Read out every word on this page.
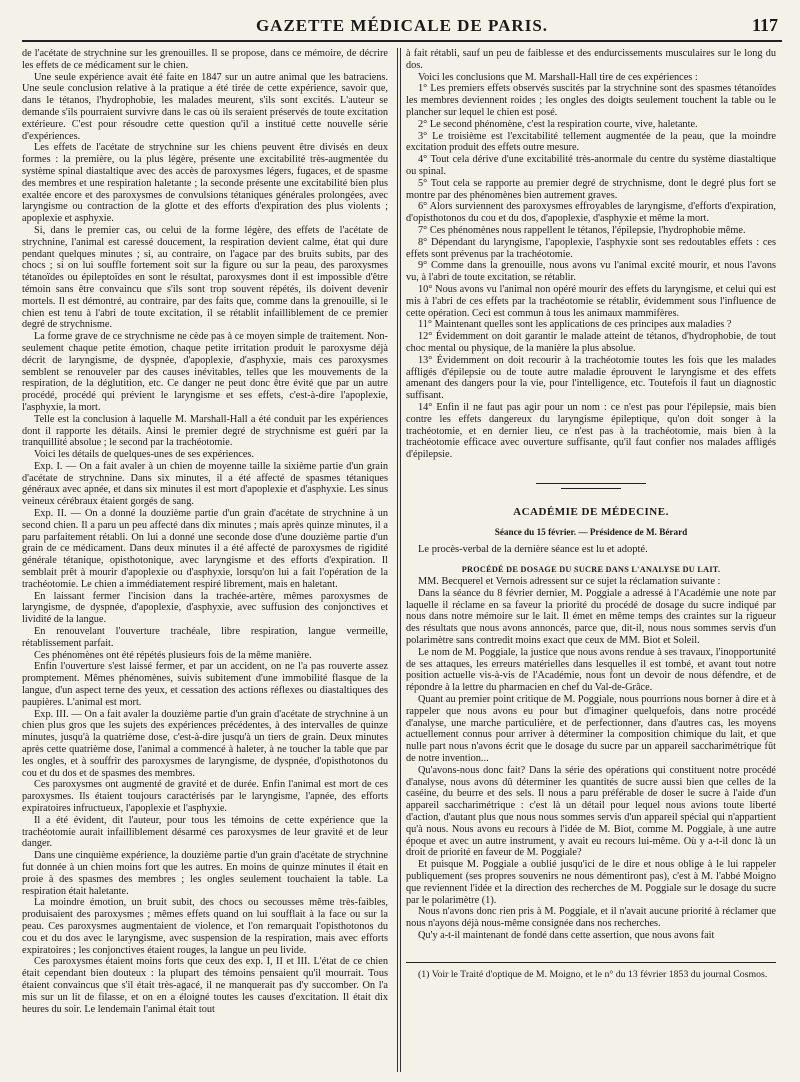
GAZETTE MÉDICALE DE PARIS.	117

de l'acétate de strychnine sur les grenouilles. Il se propose, dans ce mémoire, de décrire les effets de ce médicament sur le chien.

Une seule expérience avait été faite en 1847 sur un autre animal que les batraciens. Une seule conclusion relative à la pratique a été tirée de cette expérience, savoir que, dans le tétanos, l'hydrophobie, les malades meurent, s'ils sont excités. L'auteur se demande s'ils pourraient survivre dans le cas où ils seraient préservés de toute excitation extérieure. C'est pour résoudre cette question qu'il a institué cette nouvelle série d'expériences.

Les effets de l'acétate de strychnine sur les chiens peuvent être divisés en deux formes : la première, ou la plus légère, présente une excitabilité très-augmentée du système spinal diastaltique avec des accès de paroxysmes légers, fugaces, et de spasme des membres et une respiration haletante ; la seconde présente une excitabilité bien plus exaltée encore et des paroxysmes de convulsions tétaniques générales prolongées, avec laryngisme ou contraction de la glotte et des efforts d'expiration des plus violents ; apoplexie et asphyxie.

Si, dans le premier cas, ou celui de la forme légère, des effets de l'acétate de strychnine, l'animal est caressé doucement, la respiration devient calme, état qui dure pendant quelques minutes ; si, au contraire, on l'agace par des bruits subits, par des chocs ; si on lui souffle fortement soit sur la figure ou sur la peau, des paroxysmes tétanoïdes ou épileptoïdes en sont le résultat, paroxysmes dont il est impossible d'être témoin sans être convaincu que s'ils sont trop souvent répétés, ils doivent devenir mortels. Il est démontré, au contraire, par des faits que, comme dans la grenouille, si le chien est tenu à l'abri de toute excitation, il se rétablit infailliblement de ce premier degré de strychnisme.

La forme grave de ce strychnisme ne cède pas à ce moyen simple de traitement. Non-seulement chaque petite émotion, chaque petite irritation produit le paroxysme déjà décrit de laryngisme, de dyspnée, d'apoplexie, d'asphyxie, mais ces paroxysmes semblent se renouveler par des causes inévitables, telles que les mouvements de la respiration, de la déglutition, etc. Ce danger ne peut donc être évité que par un autre procédé, procédé qui prévient le laryngisme et ses effets, c'est-à-dire l'apoplexie, l'asphyxie, la mort.

Telle est la conclusion à laquelle M. Marshall-Hall a été conduit par les expériences dont il rapporte les détails. Ainsi le premier degré de strychnisme est guéri par la tranquillité absolue ; le second par la trachéotomie.

Voici les détails de quelques-unes de ses expériences.

Exp. I. — On a fait avaler à un chien de moyenne taille la sixième partie d'un grain d'acétate de strychnine. Dans six minutes, il a été affecté de spasmes tétaniques généraux avec apnée, et dans six minutes il est mort d'apoplexie et d'asphyxie. Les sinus veineux cérébraux étaient gorgés de sang.

Exp. II. — On a donné la douzième partie d'un grain d'acétate de strychnine à un second chien. Il a paru un peu affecté dans dix minutes ; mais après quinze minutes, il a paru parfaitement rétabli. On lui a donné une seconde dose d'une douzième partie d'un grain de ce médicament. Dans deux minutes il a été affecté de paroxysmes de rigidité générale tétanique, opisthotonique, avec laryngisme et des efforts d'expiration. Il semblait prêt à mourir d'apoplexie ou d'asphyxie, lorsqu'on lui a fait l'opération de la trachéotomie. Le chien a immédiatement respiré librement, mais en haletant.

En laissant fermer l'incision dans la trachée-artère, mêmes paroxysmes de laryngisme, de dyspnée, d'apoplexie, d'asphyxie, avec suffusion des conjonctives et lividité de la langue.

En renouvelant l'ouverture trachéale, libre respiration, langue vermeille, rétablissement parfait.

Ces phénomènes ont été répétés plusieurs fois de la même manière.

Enfin l'ouverture s'est laissé fermer, et par un accident, on ne l'a pas rouverte assez promptement. Mêmes phénomènes, suivis subitement d'une immobilité flasque de la langue, d'un aspect terne des yeux, et cessation des actions réflexes ou diastaltiques des paupières. L'animal est mort.

Exp. III. — On a fait avaler la douzième partie d'un grain d'acétate de strychnine à un chien plus gros que les sujets des expériences précédentes, à des intervalles de quinze minutes, jusqu'à la quatrième dose, c'est-à-dire jusqu'à un tiers de grain. Deux minutes après cette quatrième dose, l'animal a commencé à haleter, à ne toucher la table que par les ongles, et à souffrir des paroxysmes de laryngisme, de dyspnée, d'opisthotonos du cou et du dos et de spasmes des membres.

Ces paroxysmes ont augmenté de gravité et de durée. Enfin l'animal est mort de ces paroxysmes. Ils étaient toujours caractérisés par le laryngisme, l'apnée, des efforts expiratoires infructueux, l'apoplexie et l'asphyxie.

Il a été évident, dit l'auteur, pour tous les témoins de cette expérience que la trachéotomie aurait infailliblement désarmé ces paroxysmes de leur gravité et de leur danger.

Dans une cinquième expérience, la douzième partie d'un grain d'acétate de strychnine fut donnée à un chien moins fort que les autres. En moins de quinze minutes il était en proie à des spasmes des membres ; les ongles seulement touchaient la table. La respiration était haletante.

La moindre émotion, un bruit subit, des chocs ou secousses même très-faibles, produisaient des paroxysmes ; mêmes effets quand on lui soufflait à la face ou sur la peau. Ces paroxysmes augmentaient de violence, et l'on remarquait l'opisthotonos du cou et du dos avec le laryngisme, avec suspension de la respiration, mais avec efforts expiratoires ; les conjonctives étaient rouges, la langue un peu livide.

Ces paroxysmes étaient moins forts que ceux des exp. I, II et III. L'état de ce chien était cependant bien douteux : la plupart des témoins pensaient qu'il mourrait. Tous étaient convaincus que s'il était très-agacé, il ne manquerait pas d'y succomber. On l'a mis sur un lit de filasse, et on en a éloigné toutes les causes d'excitation. Il était dix heures du soir. Le lendemain l'animal était tout

à fait rétabli, sauf un peu de faiblesse et des endurcissements musculaires sur le long du dos.

Voici les conclusions que M. Marshall-Hall tire de ces expériences :

1° Les premiers effets observés suscités par la strychnine sont des spasmes tétanoïdes les membres deviennent roides ; les ongles des doigts seulement touchent la table ou le plancher sur lequel le chien est posé.

2° Le second phénomène, c'est la respiration courte, vive, haletante.

3° Le troisième est l'excitabilité tellement augmentée de la peau, que la moindre excitation produit des effets outre mesure.

4° Tout cela dérive d'une excitabilité très-anormale du centre du système diastaltique ou spinal.

5° Tout cela se rapporte au premier degré de strychnisme, dont le degré plus fort se montre par des phénomènes bien autrement graves.

6° Alors surviennent des paroxysmes effroyables de laryngisme, d'efforts d'expiration, d'opisthotonos du cou et du dos, d'apoplexie, d'asphyxie et même la mort.

7° Ces phénomènes nous rappellent le tétanos, l'épilepsie, l'hydrophobie même.

8° Dépendant du laryngisme, l'apoplexie, l'asphyxie sont ses redoutables effets : ces effets sont prévenus par la trachéotomie.

9° Comme dans la grenouille, nous avons vu l'animal excité mourir, et nous l'avons vu, à l'abri de toute excitation, se rétablir.

10° Nous avons vu l'animal non opéré mourir des effets du laryngisme, et celui qui est mis à l'abri de ces effets par la trachéotomie se rétablir, évidemment sous l'influence de cette opération. Ceci est commun à tous les animaux mammifères.

11° Maintenant quelles sont les applications de ces principes aux maladies ?

12° Évidemment on doit garantir le malade atteint de tétanos, d'hydrophobie, de tout choc mental ou physique, de la manière la plus absolue.

13° Évidemment on doit recourir à la trachéotomie toutes les fois que les malades affligés d'épilepsie ou de toute autre maladie éprouvent le laryngisme et des effets amenant des dangers pour la vie, pour l'intelligence, etc. Toutefois il faut un diagnostic suffisant.

14° Enfin il ne faut pas agir pour un nom : ce n'est pas pour l'épilepsie, mais bien contre les effets dangereux du laryngisme épileptique, qu'on doit songer à la trachéotomie, et en dernier lieu, ce n'est pas à la trachéotomie, mais bien à la trachéotomie efficace avec ouverture suffisante, qu'il faut confier nos malades affligés d'épilepsie.

ACADÉMIE DE MÉDECINE.

Séance du 15 février. — Présidence de M. Bérard

Le procès-verbal de la dernière séance est lu et adopté.

PROCÉDÉ DE DOSAGE DU SUCRE DANS L'ANALYSE DU LAIT.

MM. Becquerel et Vernois adressent sur ce sujet la réclamation suivante :

Dans la séance du 8 février dernier, M. Poggiale a adressé à l'Académie une note par laquelle il réclame en sa faveur la priorité du procédé de dosage du sucre indiqué par nous dans notre mémoire sur le lait. Il émet en même temps des craintes sur la rigueur des résultats que nous avons annoncés, parce que, dit-il, nous nous sommes servis d'un polarimètre sans contredit moins exact que ceux de MM. Biot et Soleil.

Le nom de M. Poggiale, la justice que nous avons rendue à ses travaux, l'inopportunité de ses attaques, les erreurs matérielles dans lesquelles il est tombé, et avant tout notre position actuelle vis-à-vis de l'Académie, nous font un devoir de nous défendre, et de répondre à la lettre du pharmacien en chef du Val-de-Grâce.

Quant au premier point critique de M. Poggiale, nous pourrions nous borner à dire et à rappeler que nous avons eu pour but d'imaginer quelquefois, dans notre procédé d'analyse, une marche particulière, et de perfectionner, dans d'autres cas, les moyens actuellement connus pour arriver à déterminer la composition chimique du lait, et que nulle part nous n'avons écrit que le dosage du sucre par un appareil saccharimétrique fût de notre invention...

Qu'avons-nous donc fait? Dans la série des opérations qui constituent notre procédé d'analyse, nous avons dû déterminer les quantités de sucre aussi bien que celles de la caséine, du beurre et des sels. Il nous a paru préférable de doser le sucre à l'aide d'un appareil saccharimétrique : c'est là un détail pour lequel nous avions toute liberté d'action, d'autant plus que nous nous sommes servis d'un appareil spécial qui n'appartient qu'à nous. Nous avons eu recours à l'idée de M. Biot, comme M. Poggiale, à une autre époque et avec un autre instrument, y avait eu recours lui-même. Où y a-t-il donc là un droit de priorité en faveur de M. Poggiale?

Et puisque M. Poggiale a oublié jusqu'ici de le dire et nous oblige à le lui rappeler publiquement (ses propres souvenirs ne nous démentiront pas), c'est à M. l'abbé Moigno que reviennent l'idée et la direction des recherches de M. Poggiale sur le dosage du sucre par le polarimètre (1).

Nous n'avons donc rien pris à M. Poggiale, et il n'avait aucune priorité à réclamer que nous n'ayons déjà nous-même consignée dans nos recherches.

Qu'y a-t-il maintenant de fondé dans cette assertion, que nous avons fait

(1) Voir le Traité d'optique de M. Moigno, et le n° du 13 février 1853 du journal Cosmos.
